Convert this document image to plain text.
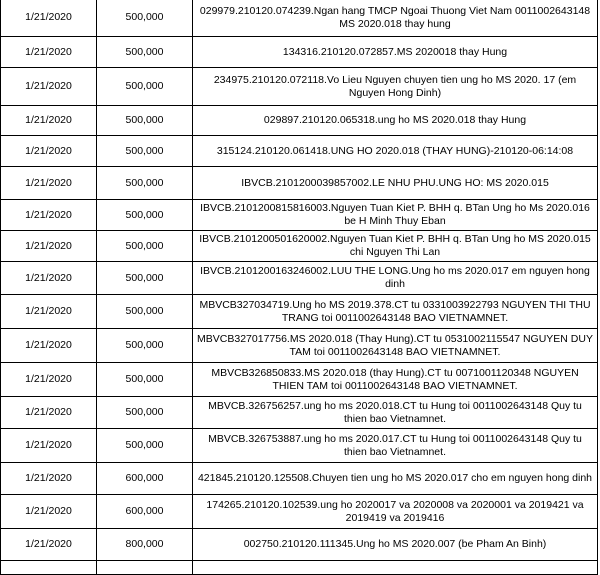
1/21/2020	500,000	029979.210120.074239.Ngan hang TMCP Ngoai Thuong Viet Nam 0011002643148 MS 2020.018 thay hung
1/21/2020	500,000	134316.210120.072857.MS 2020018 thay Hung
1/21/2020	500,000	234975.210120.072118.Vo Lieu Nguyen chuyen tien ung ho MS 2020. 17 (em Nguyen Hong Dinh)
1/21/2020	500,000	029897.210120.065318.ung ho MS 2020.018 thay Hung
1/21/2020	500,000	315124.210120.061418.UNG HO 2020.018 (THAY HUNG)-210120-06:14:08
1/21/2020	500,000	IBVCB.2101200039857002.LE NHU PHU.UNG HO: MS 2020.015
1/21/2020	500,000	IBVCB.2101200815816003.Nguyen Tuan Kiet P. BHH q. BTan Ung ho Ms 2020.016 be H Minh Thuy Eban
1/21/2020	500,000	IBVCB.2101200501620002.Nguyen Tuan Kiet P. BHH q. BTan Ung ho MS 2020.015 chi Nguyen Thi Lan
1/21/2020	500,000	IBVCB.2101200163246002.LUU THE LONG.Ung ho ms 2020.017 em nguyen hong dinh
1/21/2020	500,000	MBVCB327034719.Ung ho MS 2019.378.CT tu 0331003922793 NGUYEN THI THU TRANG toi 0011002643148 BAO VIETNAMNET.
1/21/2020	500,000	MBVCB327017756.MS 2020.018 (Thay Hung).CT tu 0531002115547 NGUYEN DUY TAM toi 0011002643148 BAO VIETNAMNET.
1/21/2020	500,000	MBVCB326850833.MS 2020.018 (thay Hung).CT tu 0071001120348 NGUYEN THIEN TAM toi 0011002643148 BAO VIETNAMNET.
1/21/2020	500,000	MBVCB.326756257.ung ho ms 2020.018.CT tu Hung toi 0011002643148 Quy tu thien bao Vietnamnet.
1/21/2020	500,000	MBVCB.326753887.ung ho ms 2020.017.CT tu Hung toi 0011002643148 Quy tu thien bao Vietnamnet.
1/21/2020	600,000	421845.210120.125508.Chuyen tien ung ho MS 2020.017 cho em nguyen hong dinh
1/21/2020	600,000	174265.210120.102539.ung ho 2020017 va 2020008 va 2020001 va 2019421 va 2019419 va 2019416
1/21/2020	800,000	002750.210120.111345.Ung ho MS 2020.007 (be Pham An Binh)
